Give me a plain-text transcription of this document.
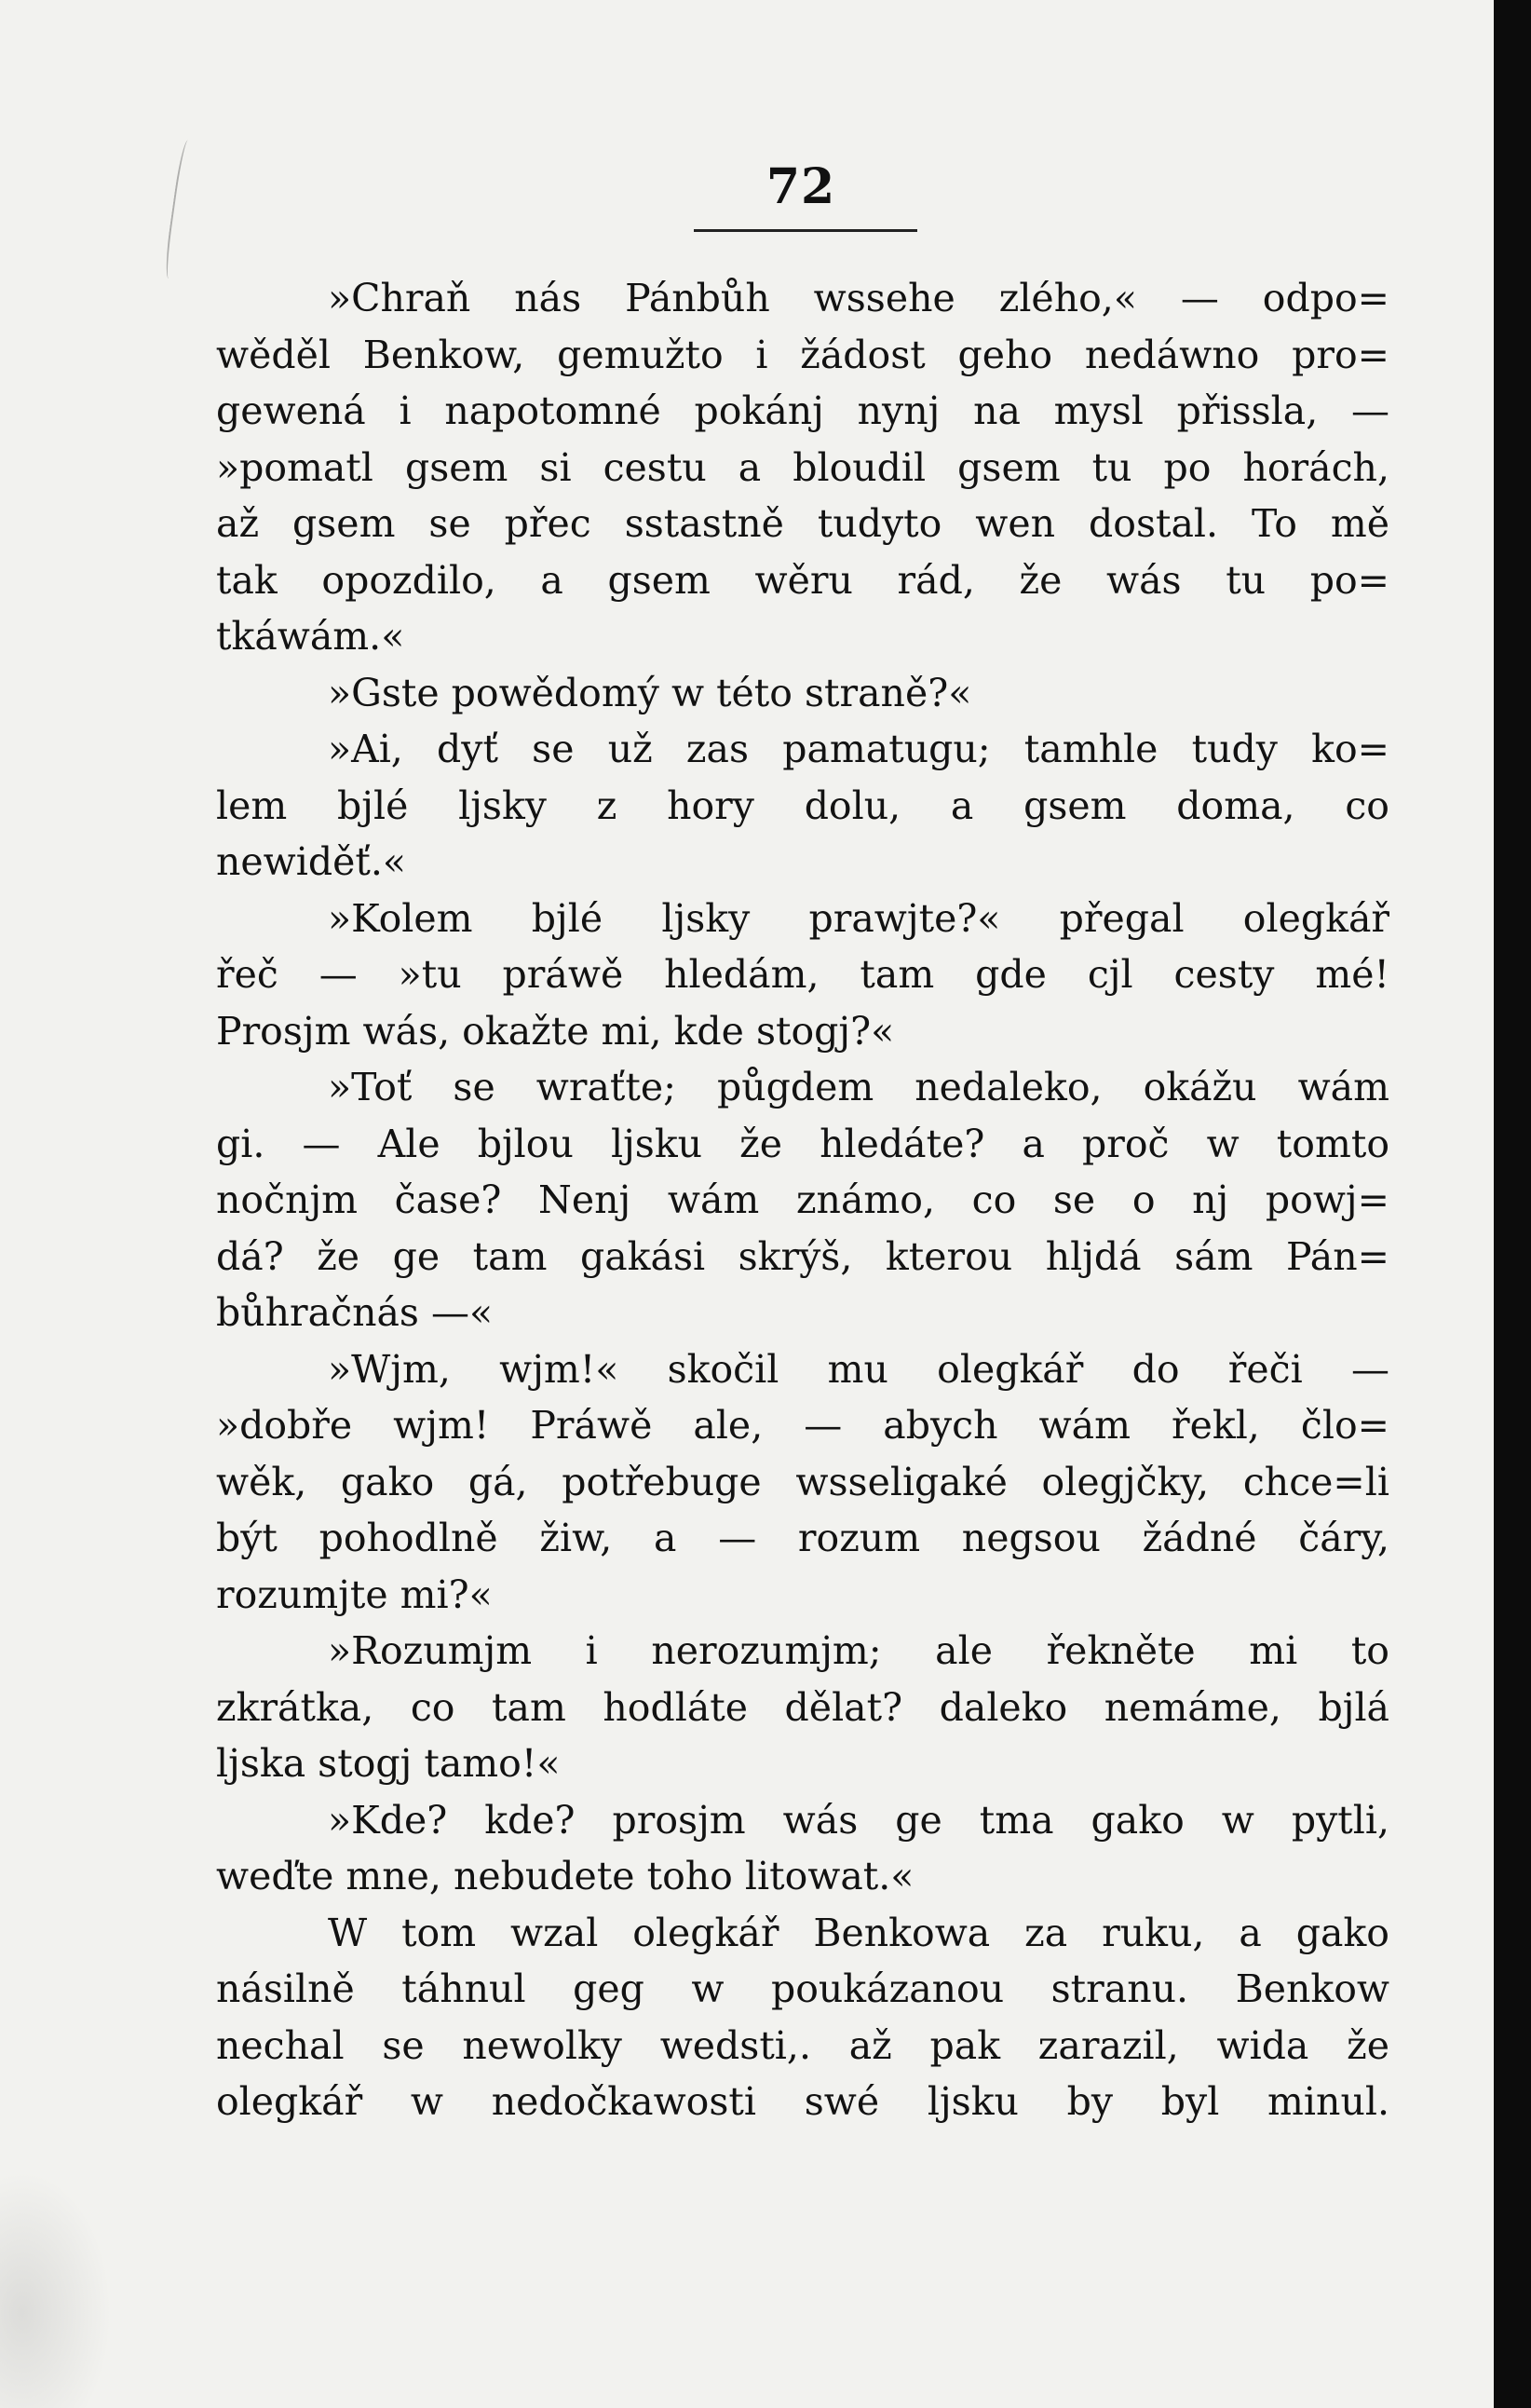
72
»Chraň nás Pánbůh wssehe zlého,« — odpo=
wěděl Benkow, gemužto i žádost geho nedáwno pro=
gewená i napotomné pokánj nynj na mysl přissla, —
»pomatl gsem si cestu a bloudil gsem tu po horách,
až gsem se přec sstastně tudyto wen dostal. To mě
tak opozdilo, a gsem wěru rád, že wás tu po=
tkáwám.«
»Gste powědomý w této straně?«
»Ai, dyť se už zas pamatugu; tamhle tudy ko=
lem bjlé ljsky z hory dolu, a gsem doma, co
newiděť.«
»Kolem bjlé ljsky prawjte?« přegal olegkář
řeč — »tu práwě hledám, tam gde cjl cesty mé!
Prosjm wás, okažte mi, kde stogj?«
»Toť se wraťte; půgdem nedaleko, okážu wám
gi. — Ale bjlou ljsku že hledáte? a proč w tomto
nočnjm čase? Nenj wám známo, co se o nj powj=
dá? že ge tam gakási skrýš, kterou hljdá sám Pán=
bůhračnás —«
»Wjm, wjm!« skočil mu olegkář do řeči —
»dobře wjm! Práwě ale, — abych wám řekl, člo=
wěk, gako gá, potřebuge wsseligaké olegjčky, chce=li
být pohodlně žiw, a — rozum negsou žádné čáry,
rozumjte mi?«
»Rozumjm i nerozumjm; ale řekněte mi to
zkrátka, co tam hodláte dělat? daleko nemáme, bjlá
ljska stogj tamo!«
»Kde? kde? prosjm wás ge tma gako w pytli,
weďte mne, nebudete toho litowat.«
W tom wzal olegkář Benkowa za ruku, a gako
násilně táhnul geg w poukázanou stranu. Benkow
nechal se newolky wedsti,. až pak zarazil, wida že
olegkář w nedočkawosti swé ljsku by byl minul.
